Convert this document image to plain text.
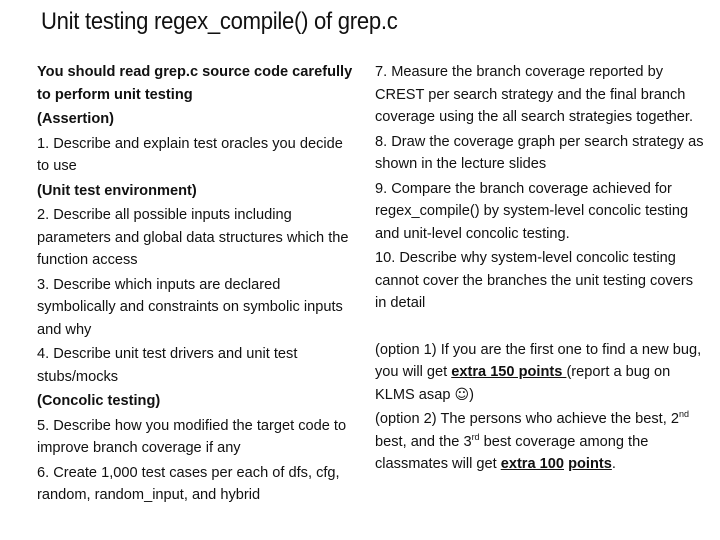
Unit testing regex_compile() of grep.c

You should read grep.c source code carefully to perform unit testing

(Assertion)

1. Describe and explain test oracles you decide to use

(Unit test environment)

2. Describe all possible inputs including parameters and global data structures which the function access

3. Describe which inputs are declared symbolically and constraints on symbolic inputs and why

4. Describe unit test drivers and unit test stubs/mocks

(Concolic testing)

5. Describe how you modified the target code to improve branch coverage if any

6. Create 1,000 test cases per each of dfs, cfg, random, random_input, and hybrid

7. Measure the branch coverage reported by CREST per search strategy and the final branch coverage using the all search strategies together.

8. Draw the coverage graph per search strategy as shown in the lecture slides

9. Compare the branch coverage achieved for regex_compile() by system-level concolic testing and unit-level concolic testing.

10. Describe why system-level concolic testing cannot cover the branches the unit testing covers in detail

(option 1) If you are the first one to find a new bug, you will get extra 150 points (report a bug on KLMS asap ☺)

(option 2) The persons who achieve the best, 2nd best, and the 3rd best coverage among the classmates will get extra 100 points.
